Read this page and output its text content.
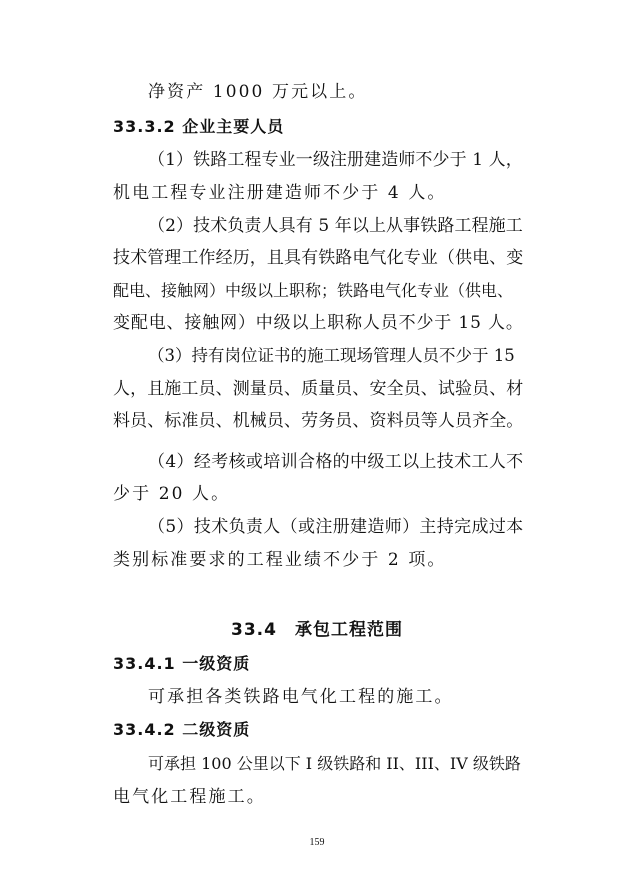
净资产 1000 万元以上。
33.3.2 企业主要人员
（1）铁路工程专业一级注册建造师不少于 1 人，
机电工程专业注册建造师不少于 4 人。
（2）技术负责人具有 5 年以上从事铁路工程施工
技术管理工作经历，且具有铁路电气化专业（供电、变
配电、接触网）中级以上职称；铁路电气化专业（供电、
变配电、接触网）中级以上职称人员不少于 15 人。
（3）持有岗位证书的施工现场管理人员不少于 15
人，且施工员、测量员、质量员、安全员、试验员、材
料员、标准员、机械员、劳务员、资料员等人员齐全。
（4）经考核或培训合格的中级工以上技术工人不
少于 20 人。
（5）技术负责人（或注册建造师）主持完成过本
类别标准要求的工程业绩不少于 2 项。
33.4　承包工程范围
33.4.1 一级资质
可承担各类铁路电气化工程的施工。
33.4.2 二级资质
可承担 100 公里以下 I 级铁路和 II、III、IV 级铁路
电气化工程施工。
159
